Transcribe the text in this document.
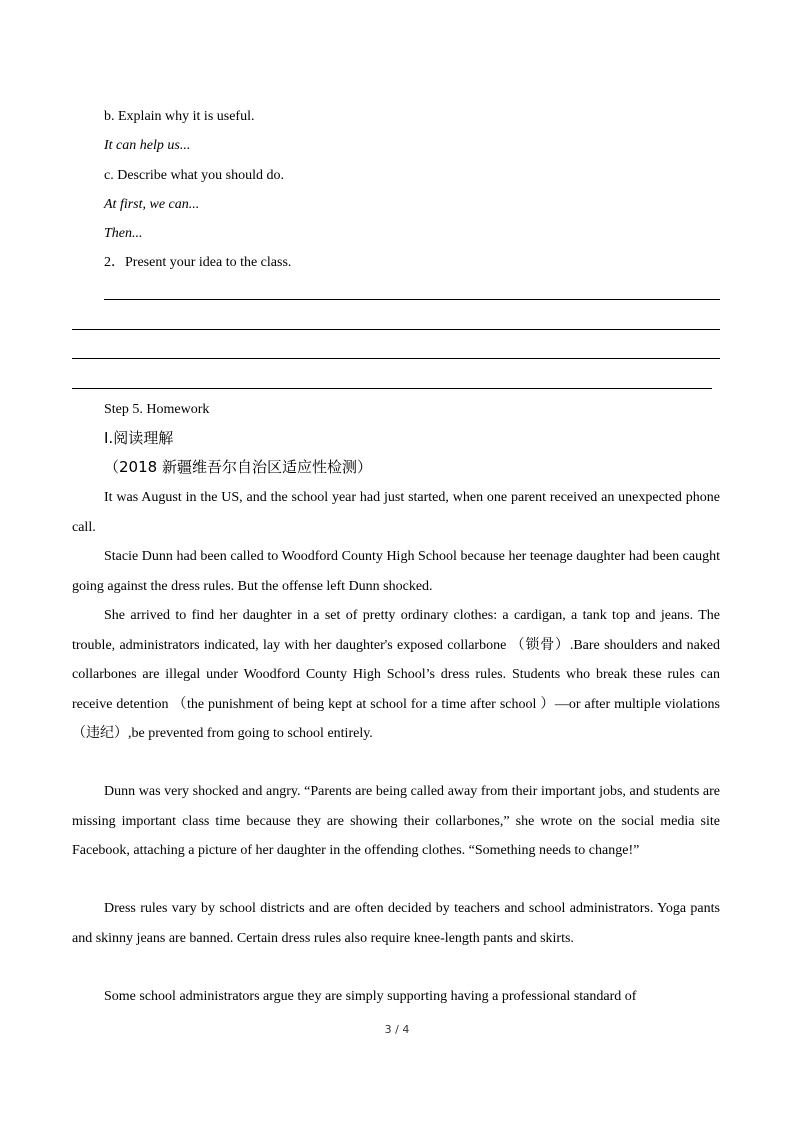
b. Explain why it is useful.
It can help us...
c. Describe what you should do.
At first, we can...
Then...
2．Present your idea to the class.
Step 5. Homework
Ⅰ.阅读理解
（2018 新疆维吾尔自治区适应性检测）

It was August in the US, and the school year had just started, when one parent received an unexpected phone call.

Stacie Dunn had been called to Woodford County High School because her teenage daughter had been caught going against the dress rules. But the offense left Dunn shocked.

She arrived to find her daughter in a set of pretty ordinary clothes: a cardigan, a tank top and jeans. The trouble, administrators indicated, lay with her daughter's exposed collarbone （锁骨）.Bare shoulders and naked collarbones are illegal under Woodford County High School’s dress rules. Students who break these rules can receive detention （the punishment of being kept at school for a time after school ）—or after multiple violations （违纪）,be prevented from going to school entirely.

Dunn was very shocked and angry. “Parents are being called away from their important jobs, and students are missing important class time because they are showing their collarbones,” she wrote on the social media site Facebook, attaching a picture of her daughter in the offending clothes. “Something needs to change!”

Dress rules vary by school districts and are often decided by teachers and school administrators. Yoga pants and skinny jeans are banned. Certain dress rules also require knee-length pants and skirts.

Some school administrators argue they are simply supporting having a professional standard of

3 / 4
